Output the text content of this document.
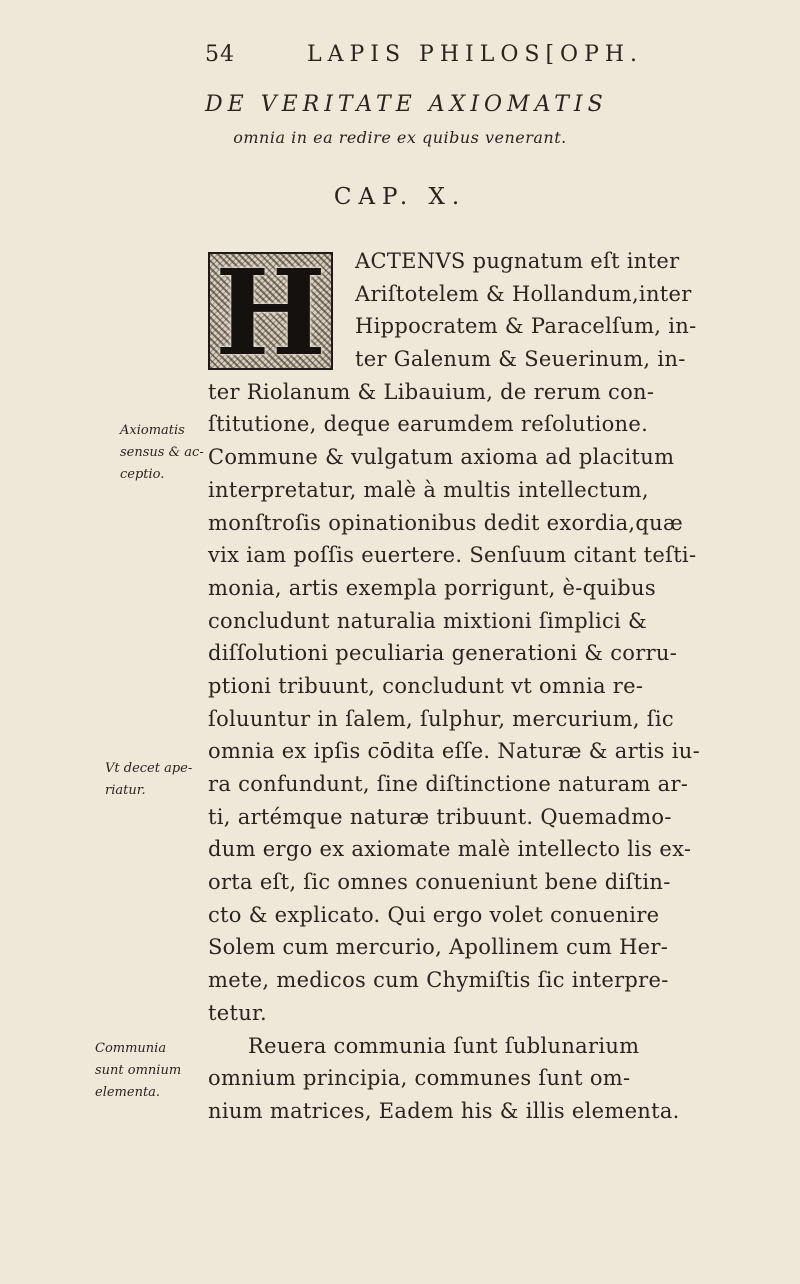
54	LAPIS PHILOS[OPH.
DE VERITATE AXIOMATIS
omnia in ea redire ex quibus venerant.
CAP. X.
H	ACTENVS pugnatum eſt inter
Ariſtotelem & Hollandum,inter
Hippocratem & Paracelſum, in-
ter Galenum & Seuerinum, in-
ter Riolanum & Libauium, de rerum con-
ſtitutione, deque earumdem reſolutione.
Commune & vulgatum axioma ad placitum
interpretatur, malè à multis intellectum,
monſtroſis opinationibus dedit exordia,quæ
vix iam poſſis euertere. Senſuum citant teſti-
monia, artis exempla porrigunt, è-quibus
concludunt naturalia mixtioni ſimplici &
diſſolutioni peculiaria generationi & corru-
ptioni tribuunt, concludunt vt omnia re-
ſoluuntur in ſalem, ſulphur, mercurium, ſic
omnia ex ipſis cōdita eſſe. Naturæ & artis iu-
ra confundunt, ſine diſtinctione naturam ar-
ti, artémque naturæ tribuunt. Quemadmo-
dum ergo ex axiomate malè intellecto lis ex-
orta eſt, ſic omnes conueniunt bene diſtin-
cto & explicato. Qui ergo volet conuenire
Solem cum mercurio, Apollinem cum Her-
mete, medicos cum Chymiſtis ſic interpre-
tetur.
Reuera communia ſunt ſublunarium
omnium principia, communes ſunt om-
nium matrices, Eadem his & illis elementa.
Axiomatis
sensus & ac-
ceptio.
Vt decet ape-
riatur.
Communia
sunt omnium
elementa.
